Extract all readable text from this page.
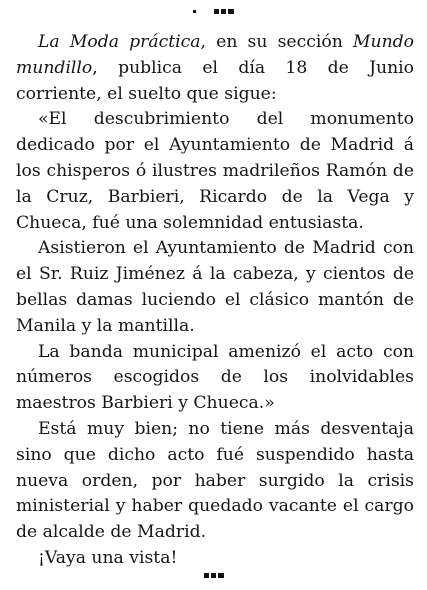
La Moda práctica, en su sección Mundo mundillo, publica el día 18 de Junio corriente, el suelto que sigue:

«El descubrimiento del monumento dedicado por el Ayuntamiento de Madrid á los chisperos ó ilustres madrileños Ramón de la Cruz, Barbieri, Ricardo de la Vega y Chueca, fué una solemnidad entusiasta.

Asistieron el Ayuntamiento de Madrid con el Sr. Ruiz Jiménez á la cabeza, y cientos de bellas damas luciendo el clásico mantón de Manila y la mantilla.

La banda municipal amenizó el acto con números escogidos de los inolvidables maestros Barbieri y Chueca.»

Está muy bien; no tiene más desventaja sino que dicho acto fué suspendido hasta nueva orden, por haber surgido la crisis ministerial y haber quedado vacante el cargo de alcalde de Madrid.

¡Vaya una vista!
